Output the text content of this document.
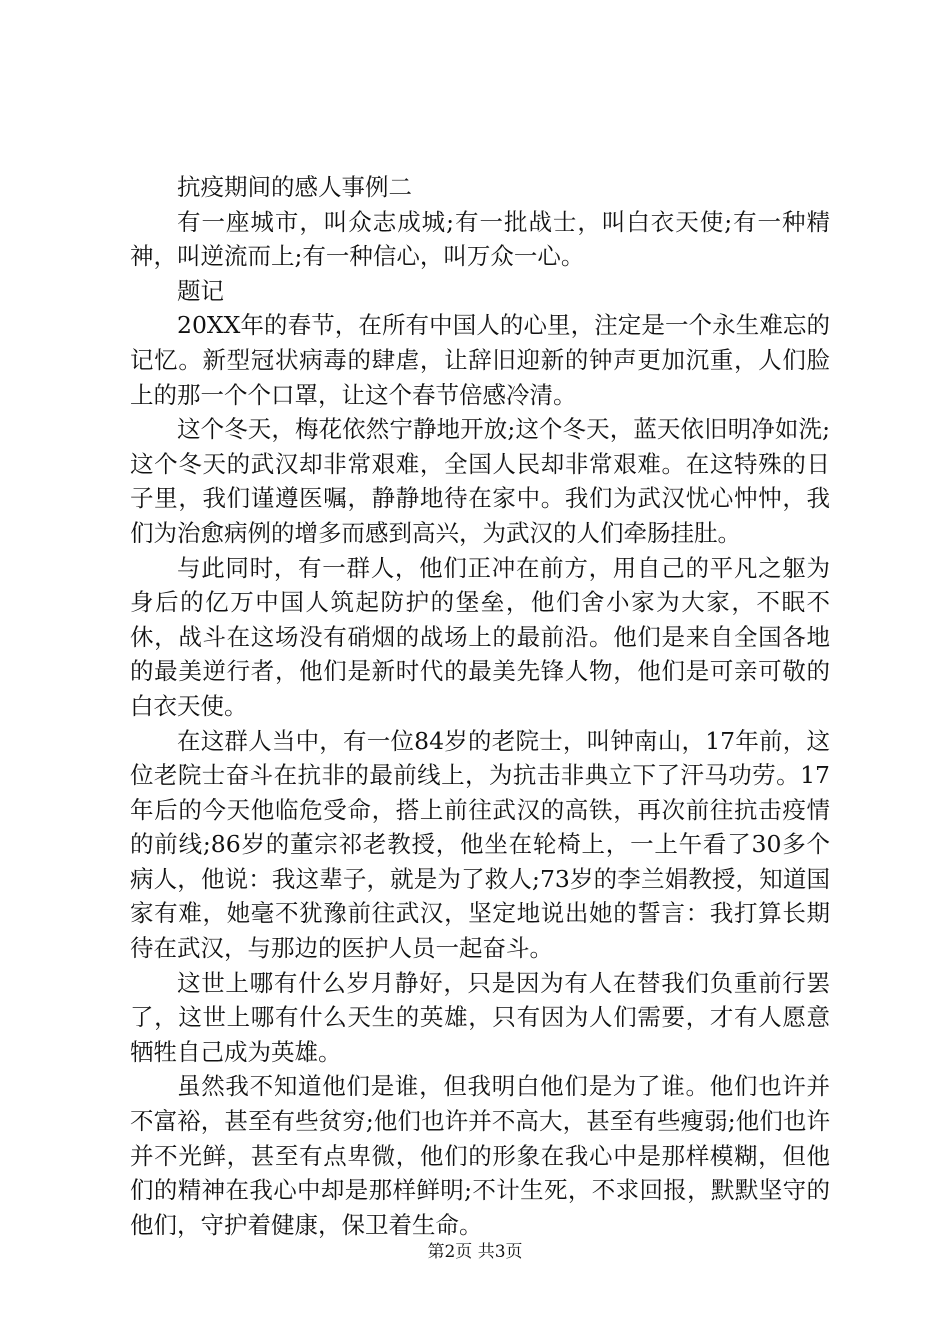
抗疫期间的感人事例二

有一座城市，叫众志成城;有一批战士，叫白衣天使;有一种精神，叫逆流而上;有一种信心，叫万众一心。

题记

20XX年的春节，在所有中国人的心里，注定是一个永生难忘的记忆。新型冠状病毒的肆虐，让辞旧迎新的钟声更加沉重，人们脸上的那一个个口罩，让这个春节倍感冷清。

这个冬天，梅花依然宁静地开放;这个冬天，蓝天依旧明净如洗;这个冬天的武汉却非常艰难，全国人民却非常艰难。在这特殊的日子里，我们谨遵医嘱，静静地待在家中。我们为武汉忧心忡忡，我们为治愈病例的增多而感到高兴，为武汉的人们牵肠挂肚。

与此同时，有一群人，他们正冲在前方，用自己的平凡之躯为身后的亿万中国人筑起防护的堡垒，他们舍小家为大家，不眠不休，战斗在这场没有硝烟的战场上的最前沿。他们是来自全国各地的最美逆行者，他们是新时代的最美先锋人物，他们是可亲可敬的白衣天使。

在这群人当中，有一位84岁的老院士，叫钟南山，17年前，这位老院士奋斗在抗非的最前线上，为抗击非典立下了汗马功劳。17年后的今天他临危受命，搭上前往武汉的高铁，再次前往抗击疫情的前线;86岁的董宗祁老教授，他坐在轮椅上，一上午看了30多个病人，他说：我这辈子，就是为了救人;73岁的李兰娟教授，知道国家有难，她毫不犹豫前往武汉，坚定地说出她的誓言：我打算长期待在武汉，与那边的医护人员一起奋斗。

这世上哪有什么岁月静好，只是因为有人在替我们负重前行罢了，这世上哪有什么天生的英雄，只有因为人们需要，才有人愿意牺牲自己成为英雄。

虽然我不知道他们是谁，但我明白他们是为了谁。他们也许并不富裕，甚至有些贫穷;他们也许并不高大，甚至有些瘦弱;他们也许并不光鲜，甚至有点卑微，他们的形象在我心中是那样模糊，但他们的精神在我心中却是那样鲜明;不计生死，不求回报，默默坚守的他们，守护着健康，保卫着生命。

第2页 共3页
